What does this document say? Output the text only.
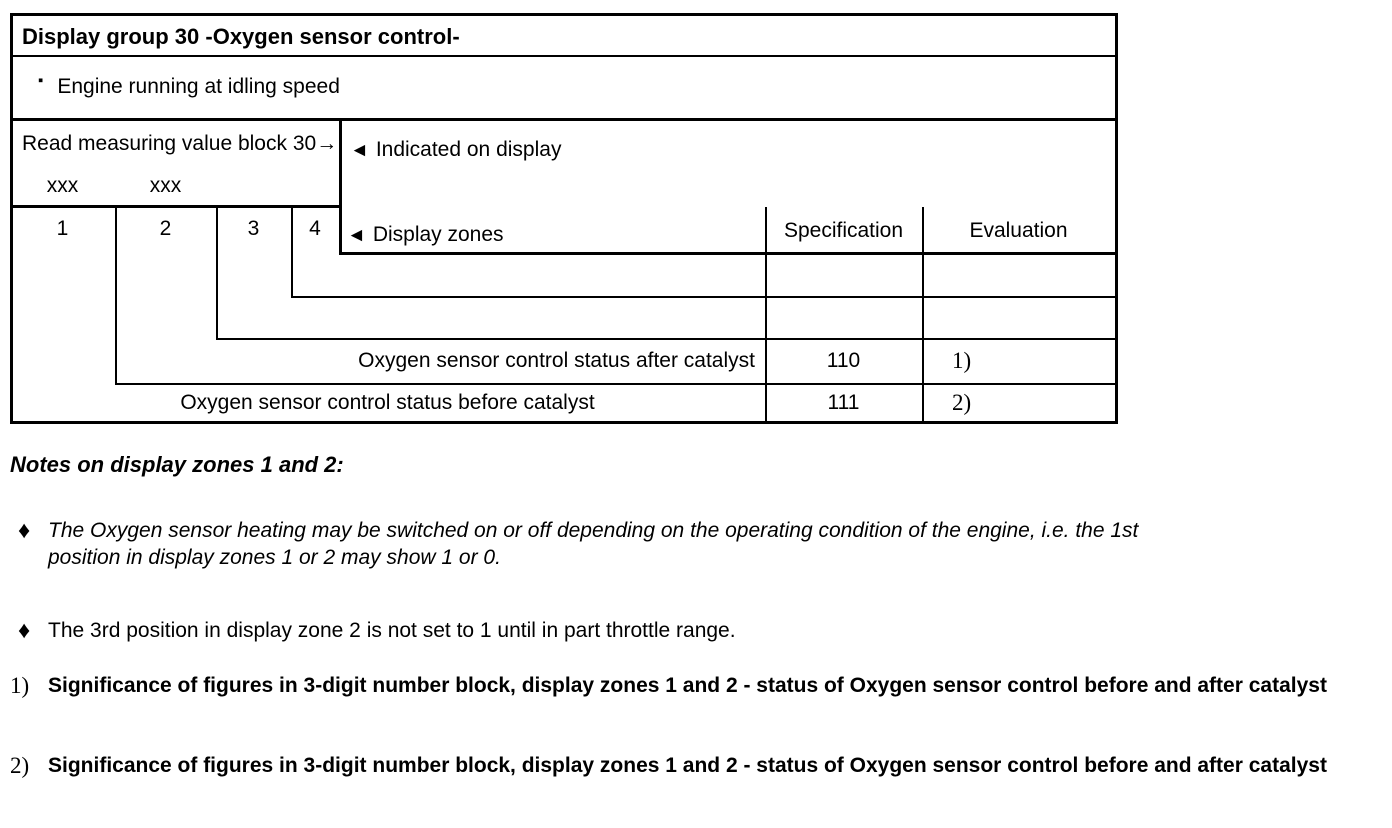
Display group 30 -Oxygen sensor control-
▪ Engine running at idling speed
Read measuring value block 30 →
xxx	xxx
◄ Indicated on display
1	2	3	4	◄ Display zones	Specification	Evaluation
Oxygen sensor control status after catalyst	110	1)
Oxygen sensor control status before catalyst	111	2)
Notes on display zones 1 and 2:
♦ The Oxygen sensor heating may be switched on or off depending on the operating condition of the engine, i.e. the 1st position in display zones 1 or 2 may show 1 or 0.
♦ The 3rd position in display zone 2 is not set to 1 until in part throttle range.
1) Significance of figures in 3-digit number block, display zones 1 and 2 - status of Oxygen sensor control before and after catalyst
2) Significance of figures in 3-digit number block, display zones 1 and 2 - status of Oxygen sensor control before and after catalyst
